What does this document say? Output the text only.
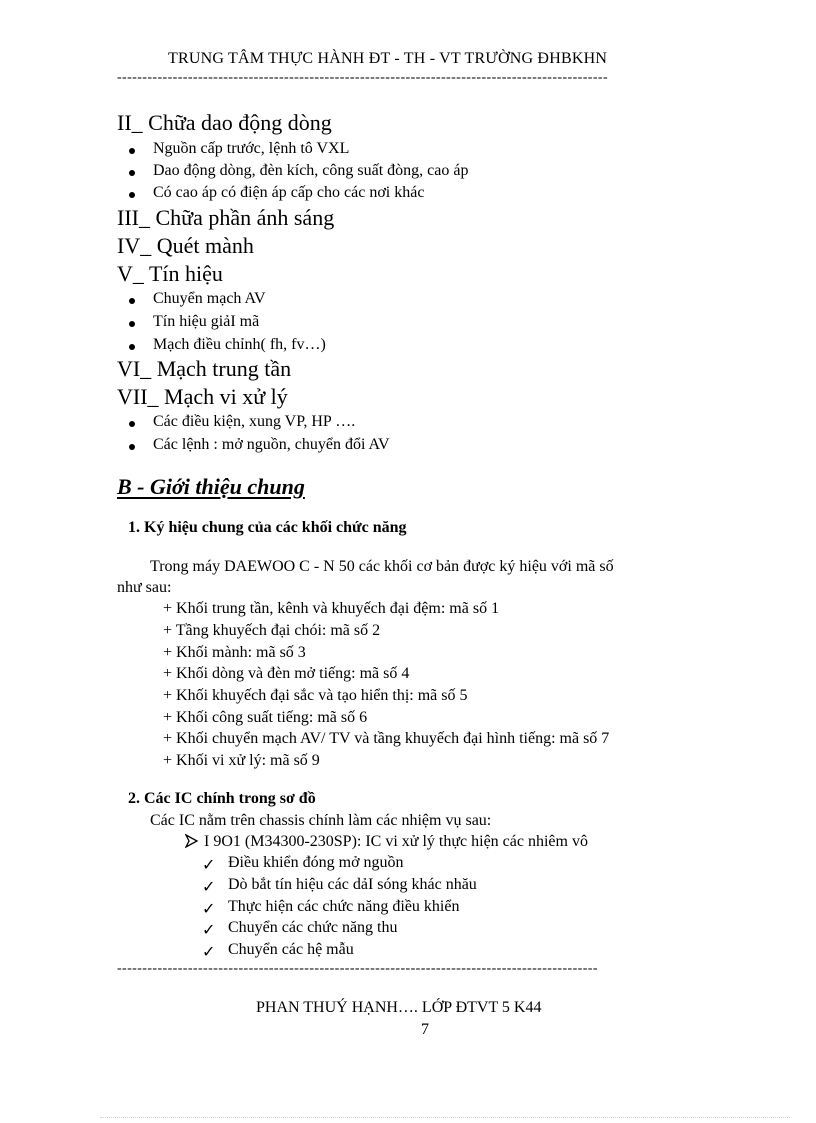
TRUNG TÂM THỰC HÀNH ĐT - TH - VT TRƯỜNG ĐHBKHN
-------------------------------------------------------------------------------------------------
II_ Chữa dao động dòng
Nguồn cấp trước, lệnh tô VXL
Dao động dòng, đèn kích, công suất đòng, cao áp
Có cao áp có điện áp cấp cho các nơi khác
III_ Chữa phần ánh sáng
IV_ Quét mành
V_ Tín hiệu
Chuyển mạch AV
Tín hiệu giảI mã
Mạch điều chỉnh( fh, fv…)
VI_ Mạch trung tần
VII_ Mạch vi xử lý
Các điều kiện, xung VP, HP ….
Các lệnh : mở nguồn, chuyển đổi AV
B - Giới thiệu chung
1. Ký hiệu chung của các khối chức năng
Trong máy DAEWOO C - N 50 các khối cơ bản được ký hiệu với mã số
như sau:
+ Khối trung tần, kênh và khuyếch đại đệm: mã số 1
+ Tầng khuyếch đại chói: mã số 2
+ Khối mành: mã số 3
+ Khối dòng và đèn mở tiếng: mã số 4
+ Khối khuyếch đại sắc và tạo hiển thị: mã số 5
+ Khối công suất tiếng: mã số 6
+ Khối chuyển mạch AV/ TV và tầng khuyếch đại hình tiếng: mã số 7
+ Khối vi xử lý: mã số 9
2. Các IC chính trong sơ đồ
Các IC nằm trên chassis chính làm các nhiệm vụ sau:
I 9O1 (M34300-230SP): IC vi xử lý thực hiện các nhiêm vô
✓ Điều khiển đóng mở nguồn
✓ Dò bắt tín hiệu các dảI sóng khác nhău
✓ Thực hiện các chức năng điều khiển
✓ Chuyển các chức năng thu
✓ Chuyển các hệ mẫu
-----------------------------------------------------------------------------------------------
PHAN THUÝ HẠNH…. LỚP ĐTVT 5 K44
7
